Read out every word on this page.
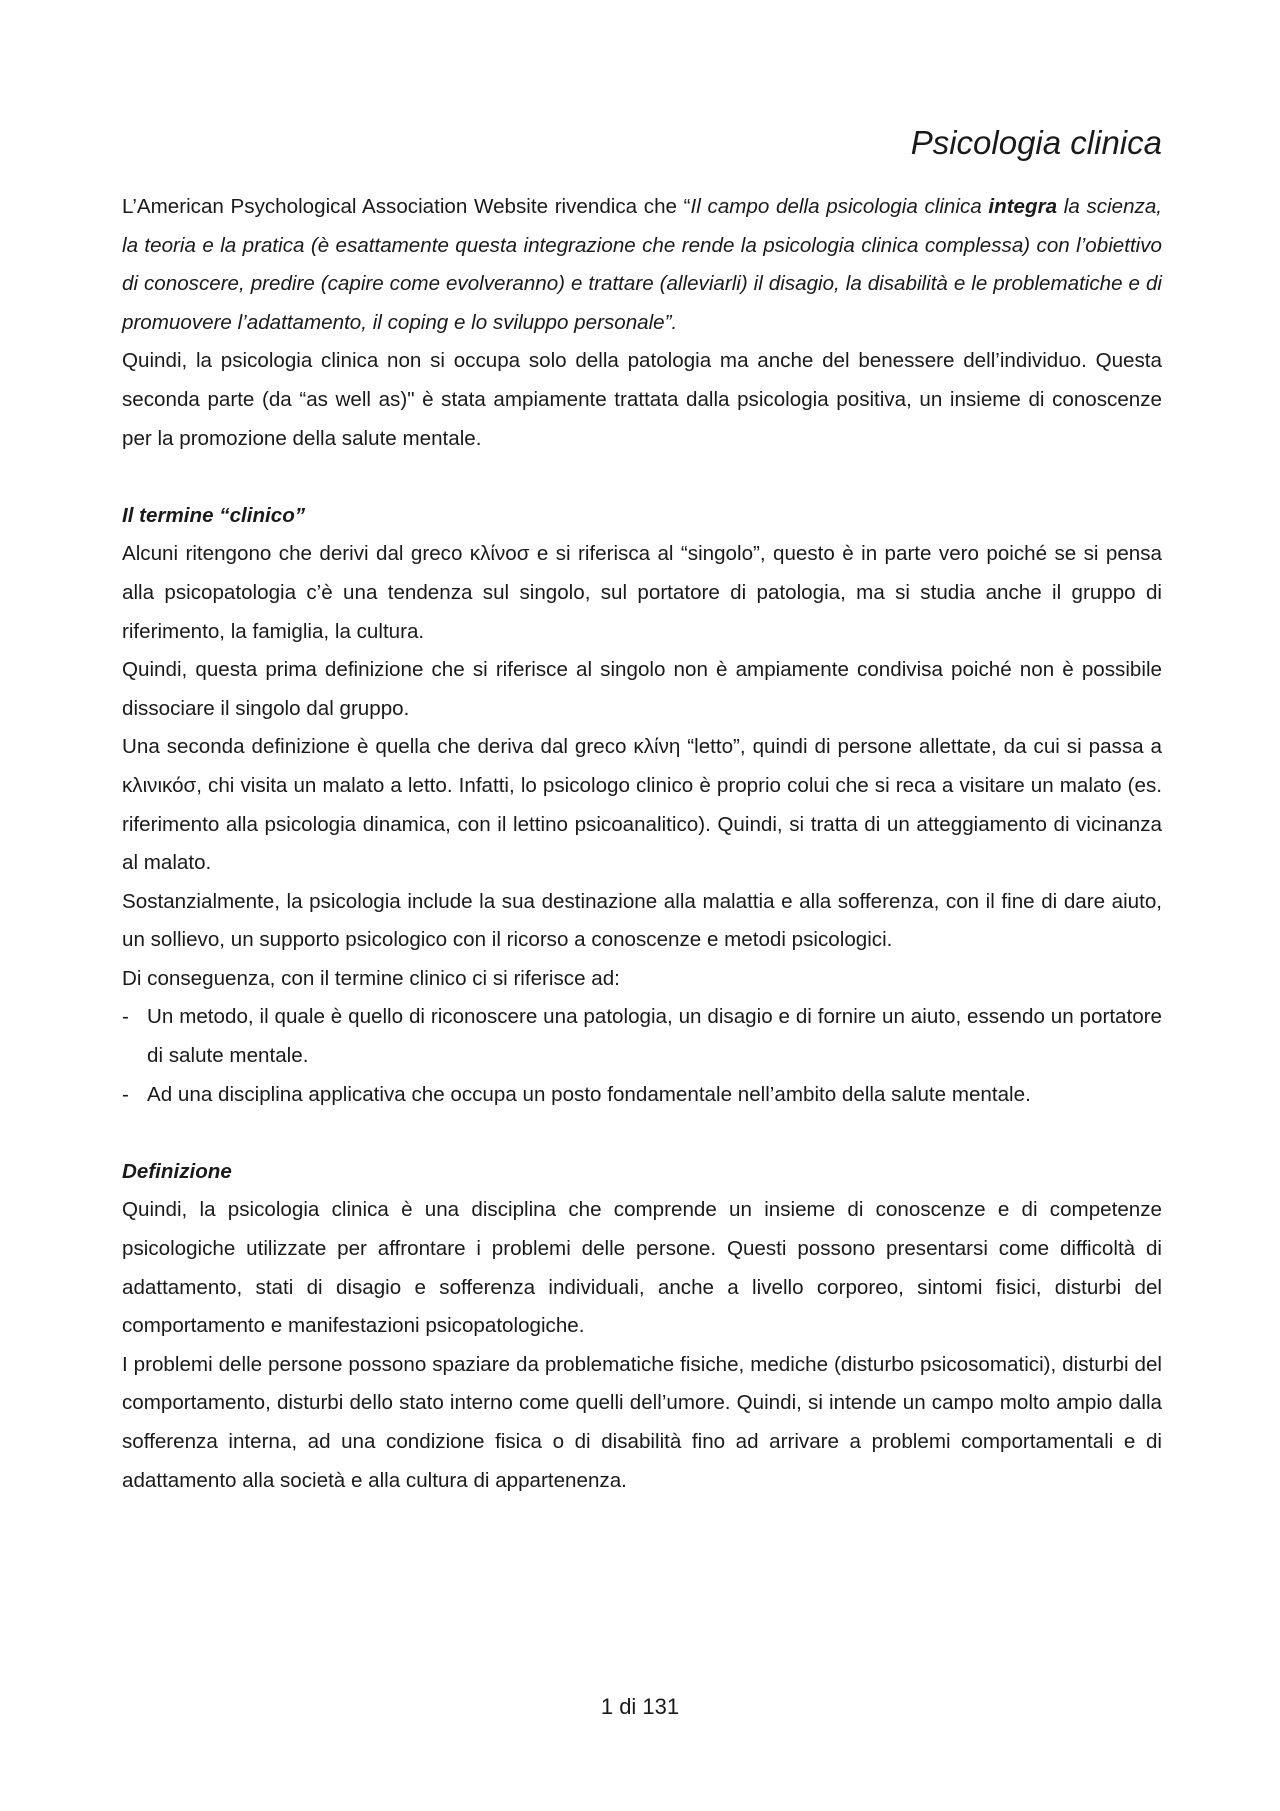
Psicologia clinica

L’American Psychological Association Website rivendica che “Il campo della psicologia clinica integra la scienza, la teoria e la pratica (è esattamente questa integrazione che rende la psicologia clinica complessa) con l’obiettivo di conoscere, predire (capire come evolveranno) e trattare (alleviarli) il disagio, la disabilità e le problematiche e di promuovere l’adattamento, il coping e lo sviluppo personale”.

Quindi, la psicologia clinica non si occupa solo della patologia ma anche del benessere dell’individuo. Questa seconda parte (da “as well as)" è stata ampiamente trattata dalla psicologia positiva, un insieme di conoscenze per la promozione della salute mentale.

Il termine “clinico”

Alcuni ritengono che derivi dal greco κλίνοσ e si riferisca al “singolo”, questo è in parte vero poiché se si pensa alla psicopatologia c’è una tendenza sul singolo, sul portatore di patologia, ma si studia anche il gruppo di riferimento, la famiglia, la cultura.

Quindi, questa prima definizione che si riferisce al singolo non è ampiamente condivisa poiché non è possibile dissociare il singolo dal gruppo.

Una seconda definizione è quella che deriva dal greco κλίνη “letto”, quindi di persone allettate, da cui si passa a κλινικόσ, chi visita un malato a letto. Infatti, lo psicologo clinico è proprio colui che si reca a visitare un malato (es. riferimento alla psicologia dinamica, con il lettino psicoanalitico). Quindi, si tratta di un atteggiamento di vicinanza al malato.

Sostanzialmente, la psicologia include la sua destinazione alla malattia e alla sofferenza, con il fine di dare aiuto, un sollievo, un supporto psicologico con il ricorso a conoscenze e metodi psicologici.

Di conseguenza, con il termine clinico ci si riferisce ad:

- Un metodo, il quale è quello di riconoscere una patologia, un disagio e di fornire un aiuto, essendo un portatore di salute mentale.
- Ad una disciplina applicativa che occupa un posto fondamentale nell’ambito della salute mentale.
Definizione

Quindi, la psicologia clinica è una disciplina che comprende un insieme di conoscenze e di competenze psicologiche utilizzate per affrontare i problemi delle persone. Questi possono presentarsi come difficoltà di adattamento, stati di disagio e sofferenza individuali, anche a livello corporeo, sintomi fisici, disturbi del comportamento e manifestazioni psicopatologiche.

I problemi delle persone possono spaziare da problematiche fisiche, mediche (disturbo psicosomatici), disturbi del comportamento, disturbi dello stato interno come quelli dell’umore. Quindi, si intende un campo molto ampio dalla sofferenza interna, ad una condizione fisica o di disabilità fino ad arrivare a problemi comportamentali e di adattamento alla società e alla cultura di appartenenza.

1 di 131
